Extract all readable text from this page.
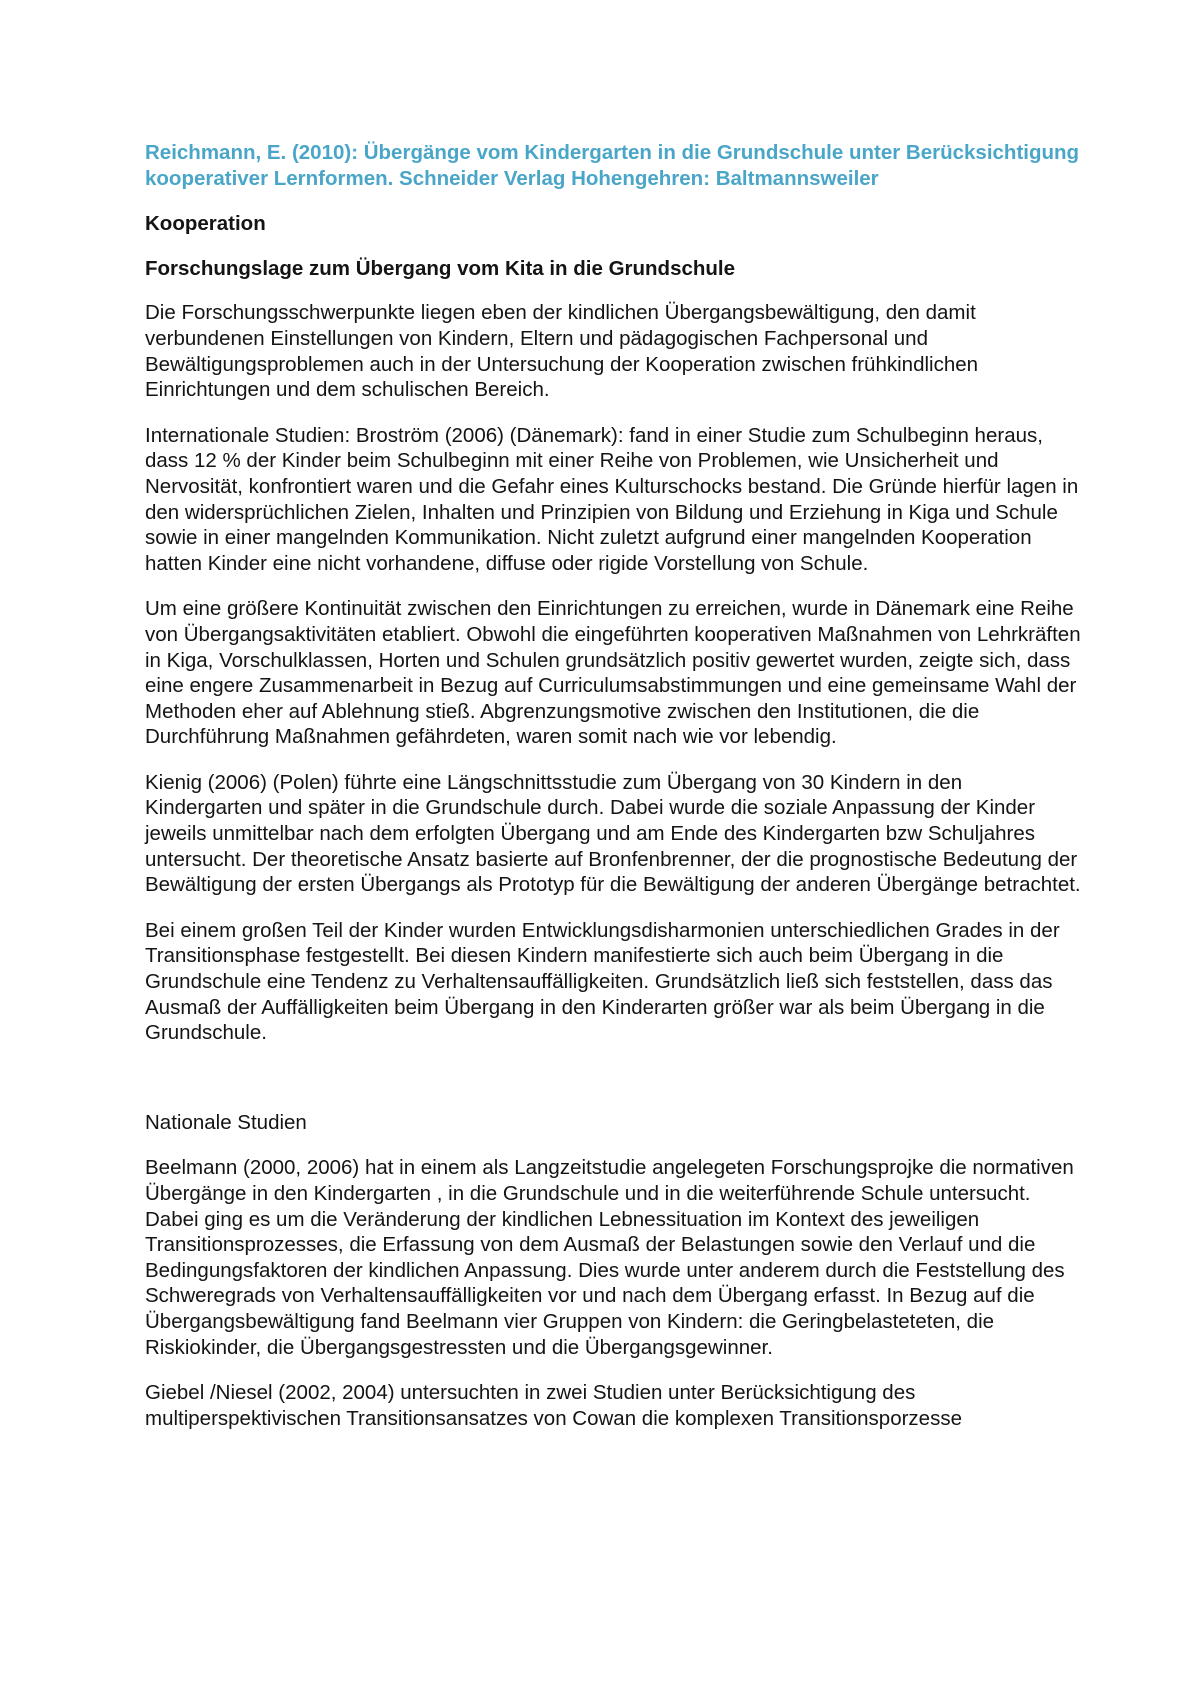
Reichmann, E. (2010): Übergänge vom Kindergarten in die Grundschule unter Berücksichtigung kooperativer Lernformen. Schneider Verlag Hohengehren: Baltmannsweiler

Kooperation

Forschungslage zum Übergang vom Kita in die Grundschule

Die Forschungsschwerpunkte liegen eben der kindlichen Übergangsbewältigung, den damit verbundenen Einstellungen von Kindern, Eltern und pädagogischen Fachpersonal und Bewältigungsproblemen auch in der Untersuchung der Kooperation zwischen frühkindlichen Einrichtungen und dem schulischen Bereich.

Internationale Studien: Broström (2006) (Dänemark): fand in einer Studie zum Schulbeginn heraus, dass 12 % der Kinder beim Schulbeginn mit einer Reihe von Problemen, wie Unsicherheit und Nervosität, konfrontiert waren und die Gefahr eines Kulturschocks bestand. Die Gründe hierfür lagen in den widersprüchlichen Zielen, Inhalten und Prinzipien von Bildung und Erziehung in Kiga und Schule sowie in einer mangelnden Kommunikation. Nicht zuletzt aufgrund einer mangelnden Kooperation hatten Kinder eine nicht vorhandene, diffuse oder rigide Vorstellung von Schule.

Um eine größere Kontinuität zwischen den Einrichtungen zu erreichen, wurde in Dänemark eine Reihe von Übergangsaktivitäten etabliert. Obwohl die eingeführten kooperativen Maßnahmen von Lehrkräften in Kiga, Vorschulklassen, Horten und Schulen grundsätzlich positiv gewertet wurden, zeigte sich, dass eine engere Zusammenarbeit in Bezug auf Curriculumsabstimmungen und eine gemeinsame Wahl der Methoden eher auf Ablehnung stieß. Abgrenzungsmotive zwischen den Institutionen, die die Durchführung Maßnahmen gefährdeten, waren somit nach wie vor lebendig.

Kienig (2006) (Polen) führte eine Längschnittsstudie zum Übergang von 30 Kindern in den Kindergarten und später in die Grundschule durch. Dabei wurde die soziale Anpassung der Kinder jeweils unmittelbar nach dem erfolgten Übergang und am Ende des Kindergarten bzw Schuljahres untersucht. Der theoretische Ansatz basierte auf Bronfenbrenner, der die prognostische Bedeutung der Bewältigung der ersten Übergangs als Prototyp für die Bewältigung der anderen Übergänge betrachtet.

Bei einem großen Teil der Kinder wurden Entwicklungsdisharmonien unterschiedlichen Grades in der Transitionsphase festgestellt. Bei diesen Kindern manifestierte sich auch beim Übergang in die Grundschule eine Tendenz zu Verhaltensauffälligkeiten. Grundsätzlich ließ sich feststellen, dass das Ausmaß der Auffälligkeiten beim Übergang in den Kinderarten größer war als beim Übergang in die Grundschule.

Nationale Studien

Beelmann (2000, 2006) hat in einem als Langzeitstudie angelegeten Forschungsprojke die normativen Übergänge in den Kindergarten , in die Grundschule und in die weiterführende Schule untersucht. Dabei ging es um die Veränderung der kindlichen Lebnessituation im Kontext des jeweiligen Transitionsprozesses, die Erfassung von dem Ausmaß der Belastungen sowie den Verlauf und die Bedingungsfaktoren der kindlichen Anpassung. Dies wurde unter anderem durch die Feststellung des Schweregrads von Verhaltensauffälligkeiten vor und nach dem Übergang erfasst. In Bezug auf die Übergangsbewältigung fand Beelmann vier Gruppen von Kindern: die Geringbelasteteten, die Riskiokinder, die Übergangsgestressten und die Übergangsgewinner.

Giebel /Niesel (2002, 2004) untersuchten in zwei Studien unter Berücksichtigung des multiperspektivischen Transitionsansatzes von Cowan die komplexen Transitionsporzesse
